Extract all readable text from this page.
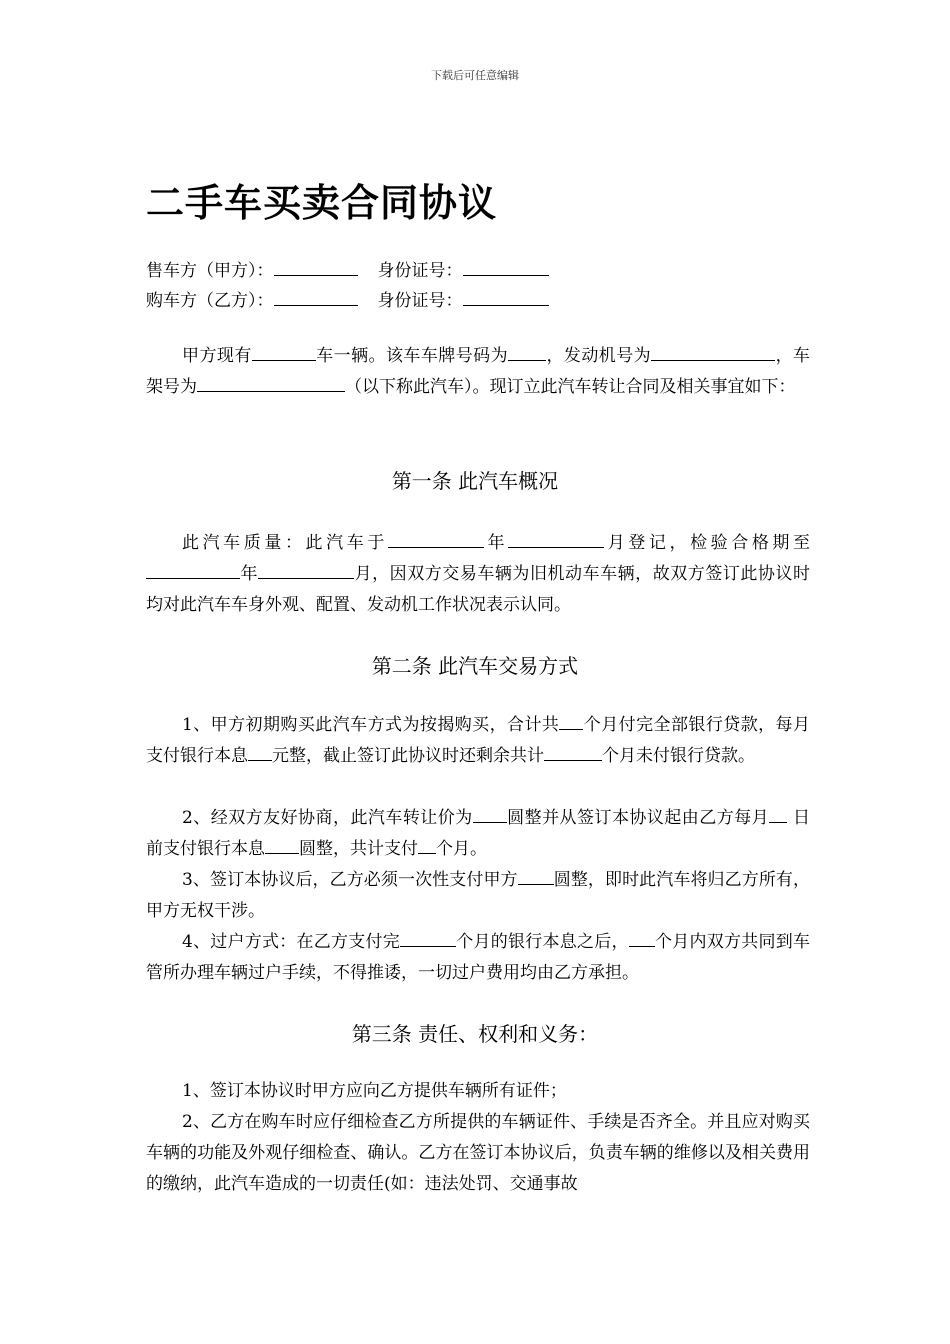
下载后可任意编辑
二手车买卖合同协议
售车方（甲方）：	身份证号：
购车方（乙方）：	身份证号：
甲方现有	车一辆。该车车牌号码为 ，发动机号为	，车架号为	（以下称此汽车）。现订立此汽车转让合同及相关事宜如下：
第一条 此汽车概况
此汽车质量：此汽车于	年	月登记，检验合格期至年	月，因双方交易车辆为旧机动车车辆，故双方签订此协议时均对此汽车车身外观、配置、发动机工作状况表示认同。
第二条 此汽车交易方式
1、甲方初期购买此汽车方式为按揭购买，合计共 个月付完全部银行贷款，每月支付银行本息 元整，截止签订此协议时还剩余共计	个月未付银行贷款。
2、经双方友好协商，此汽车转让价为 圆整并从签订本协议起由乙方每月 日前支付银行本息 圆整，共计支付 个月。
3、签订本协议后，乙方必须一次性支付甲方 圆整，即时此汽车将归乙方所有，甲方无权干涉。
4、过户方式：在乙方支付完	个月的银行本息之后， 个月内双方共同到车管所办理车辆过户手续，不得推诿，一切过户费用均由乙方承担。
第三条 责任、权利和义务：
1、签订本协议时甲方应向乙方提供车辆所有证件；
2、乙方在购车时应仔细检查乙方所提供的车辆证件、手续是否齐全。并且应对购买车辆的功能及外观仔细检查、确认。乙方在签订本协议后，负责车辆的维修以及相关费用的缴纳，此汽车造成的一切责任(如：违法处罚、交通事故
